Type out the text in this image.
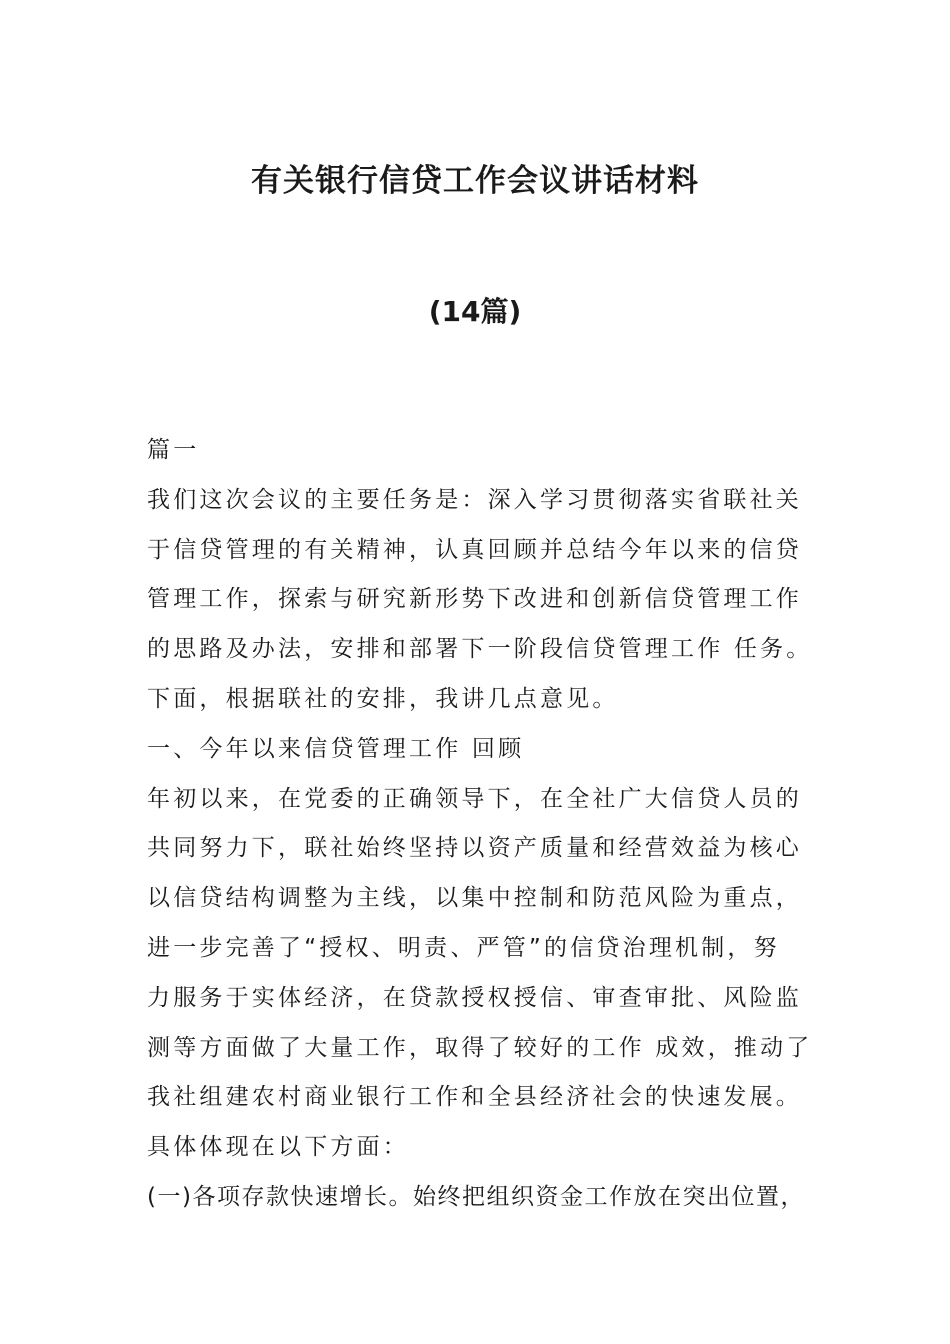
有关银行信贷工作会议讲话材料
(14篇)
篇一
我们这次会议的主要任务是：深入学习贯彻落实省联社关
于信贷管理的有关精神，认真回顾并总结今年以来的信贷
管理工作，探索与研究新形势下改进和创新信贷管理工作
的思路及办法，安排和部署下一阶段信贷管理工作 任务。
下面，根据联社的安排，我讲几点意见。
一、今年以来信贷管理工作 回顾
年初以来，在党委的正确领导下，在全社广大信贷人员的
共同努力下，联社始终坚持以资产质量和经营效益为核心
以信贷结构调整为主线，以集中控制和防范风险为重点，
进一步完善了“授权、明责、严管”的信贷治理机制，努
力服务于实体经济，在贷款授权授信、审查审批、风险监
测等方面做了大量工作，取得了较好的工作 成效，推动了
我社组建农村商业银行工作和全县经济社会的快速发展。
具体体现在以下方面：
(一)各项存款快速增长。始终把组织资金工作放在突出位置，
